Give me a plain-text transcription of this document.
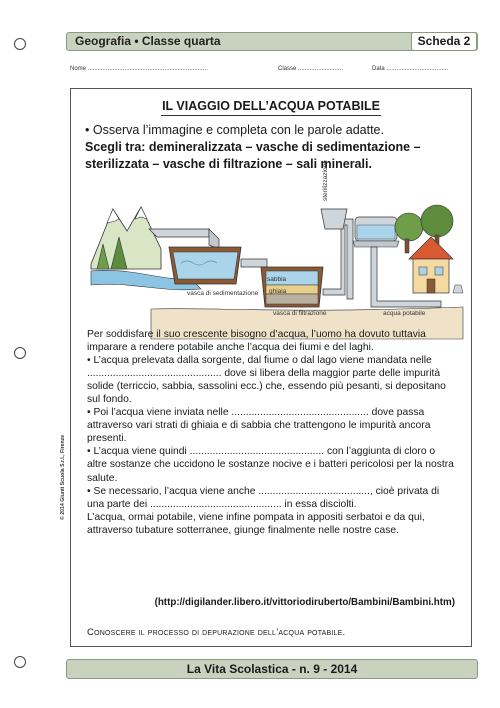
Geografia • Classe quarta	Scheda 2
Nome ........................................................................	Classe ...........................	Data .....................................
© 2014 Giunti Scuola S.r.l., Firenze
IL VIAGGIO DELL’ACQUA POTABILE
• Osserva l’immagine e completa con le parole adatte.
Scegli tra: demineralizzata – vasche di sedimentazione – sterilizzata – vasche di filtrazione – sali minerali.
vasca di sedimentazione
sabbia
ghiaia
vasca di filtrazione
sterilizzazione
acqua potabile

Per soddisfare il suo crescente bisogno d’acqua, l’uomo ha dovuto tuttavia imparare a rendere potabile anche l’acqua dei fiumi e del laghi.

• L’acqua prelevata dalla sorgente, dal fiume o dal lago viene mandata nelle ............................................... dove si libera della maggior parte delle impurità solide (terriccio, sabbia, sassolini ecc.) che, essendo più pesanti, si depositano sul fondo.

• Poi l’acqua viene inviata nelle ................................................ dove passa attraverso vari strati di ghiaia e di sabbia che trattengono le impurità ancora presenti.

• L’acqua viene quindi ............................................... con l’aggiunta di cloro o altre sostanze che uccidono le sostanze nocive e i batteri pericolosi per la nostra salute.

• Se necessario, l’acqua viene anche ......................................., cioè privata di una parte dei .............................................. in essa disciolti.

L’acqua, ormai potabile, viene infine pompata in appositi serbatoi e da qui, attraverso tubature sotterranee, giunge finalmente nelle nostre case.

(http://digilander.libero.it/vittoriodiruberto/Bambini/Bambini.htm)
Conoscere il processo di depurazione dell’acqua potabile.
La Vita Scolastica - n. 9 - 2014
